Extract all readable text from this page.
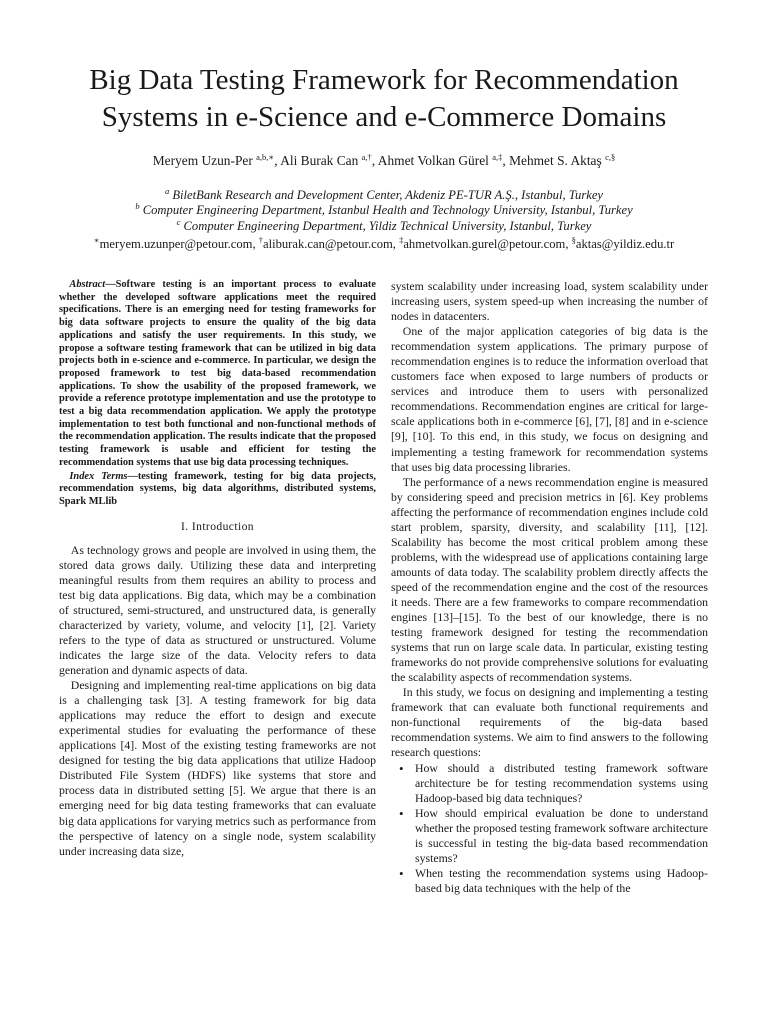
Big Data Testing Framework for Recommendation
Systems in e-Science and e-Commerce Domains
Meryem Uzun-Per $^{a,b,∗}$, Ali Burak Can $^{a,\dagger}$, Ahmet Volkan Gürel $^{a,\ddagger}$, Mehmet S. Aktaş $^{c,\S}$
$^a$ BiletBank Research and Development Center, Akdeniz PE-TUR A.Ş., Istanbul, Turkey
$^b$ Computer Engineering Department, Istanbul Health and Technology University, Istanbul, Turkey
$^c$ Computer Engineering Department, Yildiz Technical University, Istanbul, Turkey
∗meryem.uzunper@petour.com, †aliburak.can@petour.com, ‡ahmetvolkan.gurel@petour.com, §aktas@yildiz.edu.tr

Abstract—Software testing is an important process to evaluate whether the developed software applications meet the required specifications. There is an emerging need for testing frameworks for big data software projects to ensure the quality of the big data applications and satisfy the user requirements. In this study, we propose a software testing framework that can be utilized in big data projects both in e-science and e-commerce. In particular, we design the proposed framework to test big data-based recommendation applications. To show the usability of the proposed framework, we provide a reference prototype implementation and use the prototype to test a big data recommendation application. We apply the prototype implementation to test both functional and non-functional methods of the recommendation application. The results indicate that the proposed testing framework is usable and efficient for testing the recommendation systems that use big data processing techniques.

Index Terms—testing framework, testing for big data projects, recommendation systems, big data algorithms, distributed systems, Spark MLlib

I. Introduction

As technology grows and people are involved in using them, the stored data grows daily. Utilizing these data and interpreting meaningful results from them requires an ability to process and test big data applications. Big data, which may be a combination of structured, semi-structured, and unstructured data, is generally characterized by variety, volume, and velocity [1], [2]. Variety refers to the type of data as structured or unstructured. Volume indicates the large size of the data. Velocity refers to data generation and dynamic aspects of data.

Designing and implementing real-time applications on big data is a challenging task [3]. A testing framework for big data applications may reduce the effort to design and execute experimental studies for evaluating the performance of these applications [4]. Most of the existing testing frameworks are not designed for testing the big data applications that utilize Hadoop Distributed File System (HDFS) like systems that store and process data in distributed setting [5]. We argue that there is an emerging need for big data testing frameworks that can evaluate big data applications for varying metrics such as performance from the perspective of latency on a single node, system scalability under increasing data size,

system scalability under increasing load, system scalability under increasing users, system speed-up when increasing the number of nodes in datacenters.

One of the major application categories of big data is the recommendation system applications. The primary purpose of recommendation engines is to reduce the information overload that customers face when exposed to large numbers of products or services and introduce them to users with personalized recommendations. Recommendation engines are critical for large-scale applications both in e-commerce [6], [7], [8] and in e-science [9], [10]. To this end, in this study, we focus on designing and implementing a testing framework for recommendation systems that uses big data processing libraries.

The performance of a news recommendation engine is measured by considering speed and precision metrics in [6]. Key problems affecting the performance of recommendation engines include cold start problem, sparsity, diversity, and scalability [11], [12]. Scalability has become the most critical problem among these problems, with the widespread use of applications containing large amounts of data today. The scalability problem directly affects the speed of the recommendation engine and the cost of the resources it needs. There are a few frameworks to compare recommendation engines [13]–[15]. To the best of our knowledge, there is no testing framework designed for testing the recommendation systems that run on large scale data. In particular, existing testing frameworks do not provide comprehensive solutions for evaluating the scalability aspects of recommendation systems.

In this study, we focus on designing and implementing a testing framework that can evaluate both functional requirements and non-functional requirements of the big-data based recommendation systems. We aim to find answers to the following research questions:

• How should a distributed testing framework software architecture be for testing recommendation systems using Hadoop-based big data techniques?
• How should empirical evaluation be done to understand whether the proposed testing framework software architecture is successful in testing the big-data based recommendation systems?
• When testing the recommendation systems using Hadoop-based big data techniques with the help of the
